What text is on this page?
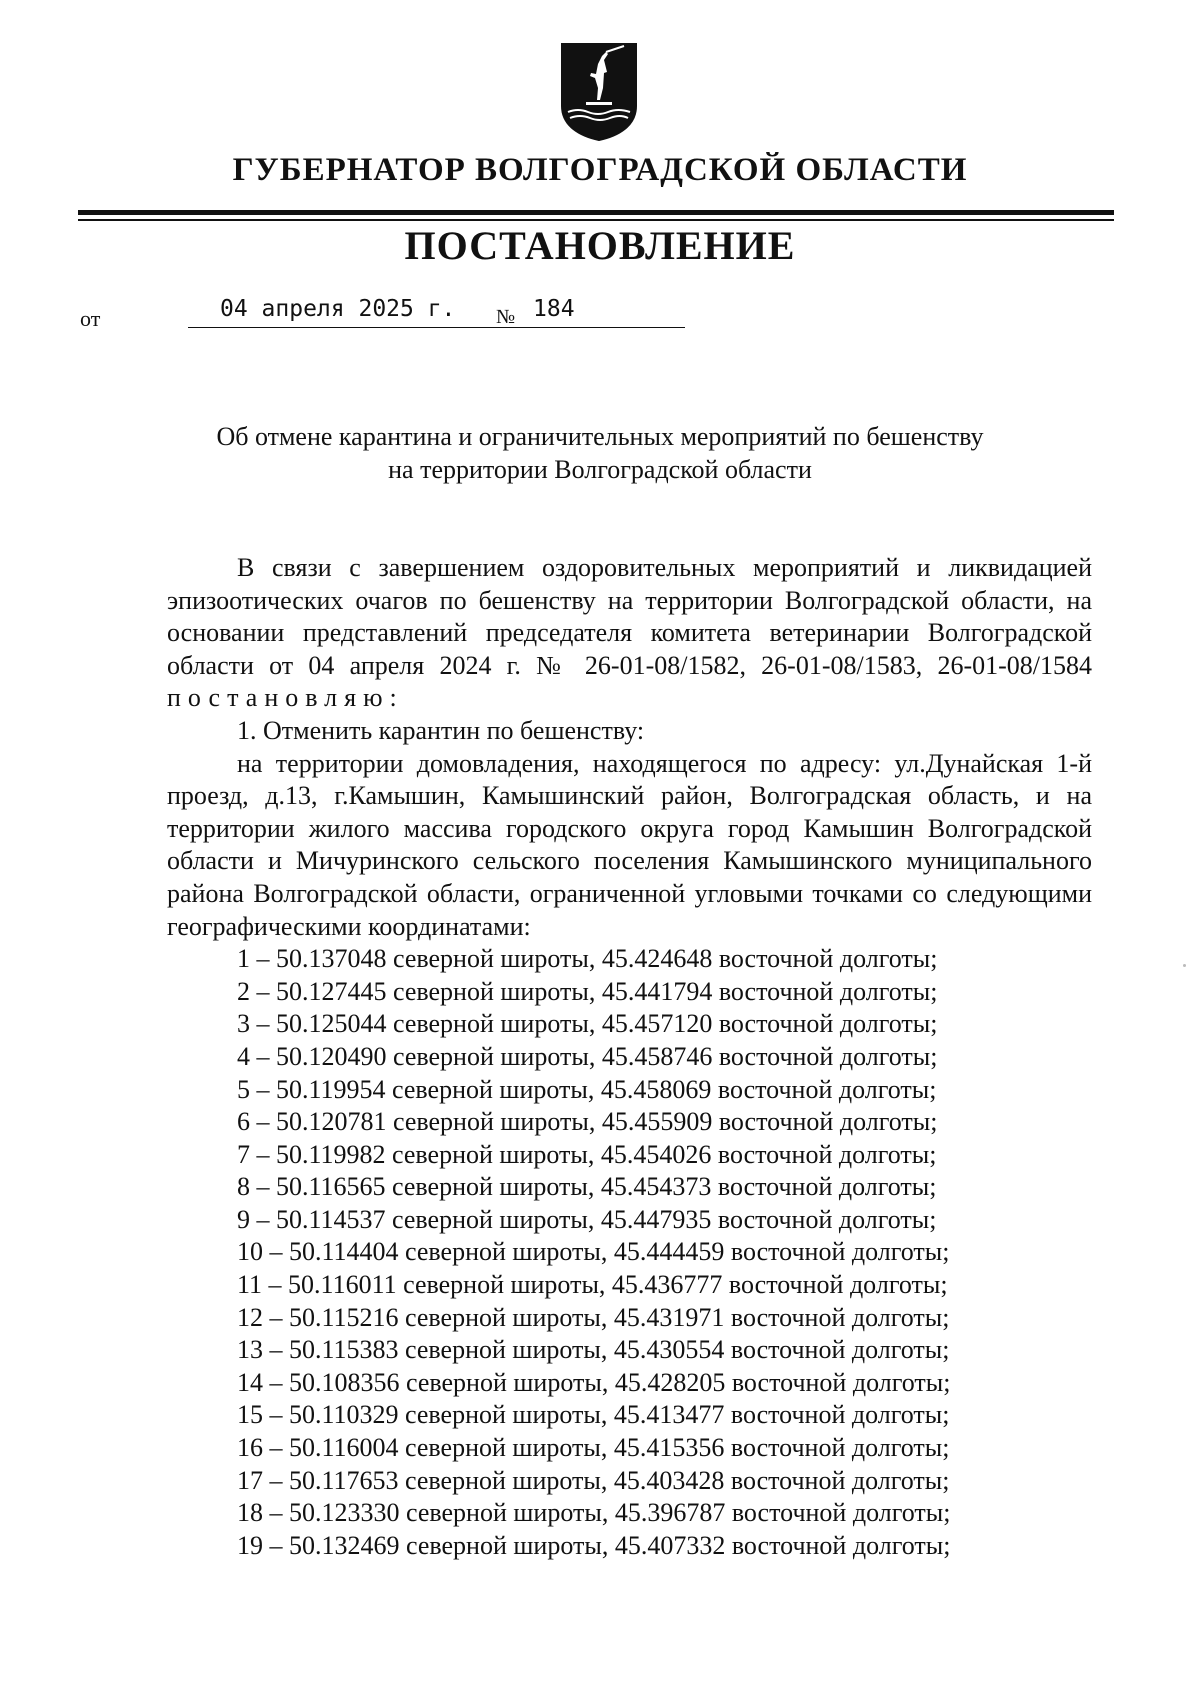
ГУБЕРНАТОР ВОЛГОГРАДСКОЙ ОБЛАСТИ
ПОСТАНОВЛЕНИЕ
от	04 апреля 2025 г.	№ 184
Об отмене карантина и ограничительных мероприятий по бешенству
на территории Волгоградской области

В связи с завершением оздоровительных мероприятий и ликвидацией эпизоотических очагов по бешенству на территории Волгоградской области, на основании представлений председателя комитета ветеринарии Волгоградской области от 04 апреля 2024 г. № 26-01-08/1582, 26-01-08/1583, 26-01-08/1584 постановляю:

1. Отменить карантин по бешенству:

на территории домовладения, находящегося по адресу: ул.Дунайская 1-й проезд, д.13, г.Камышин, Камышинский район, Волгоградская область, и на территории жилого массива городского округа город Камышин Волгоградской области и Мичуринского сельского поселения Камышинского муниципального района Волгоградской области, ограниченной угловыми точками со следующими географическими координатами:

1 – 50.137048 северной широты, 45.424648 восточной долготы;
2 – 50.127445 северной широты, 45.441794 восточной долготы;
3 – 50.125044 северной широты, 45.457120 восточной долготы;
4 – 50.120490 северной широты, 45.458746 восточной долготы;
5 – 50.119954 северной широты, 45.458069 восточной долготы;
6 – 50.120781 северной широты, 45.455909 восточной долготы;
7 – 50.119982 северной широты, 45.454026 восточной долготы;
8 – 50.116565 северной широты, 45.454373 восточной долготы;
9 – 50.114537 северной широты, 45.447935 восточной долготы;
10 – 50.114404 северной широты, 45.444459 восточной долготы;
11 – 50.116011 северной широты, 45.436777 восточной долготы;
12 – 50.115216 северной широты, 45.431971 восточной долготы;
13 – 50.115383 северной широты, 45.430554 восточной долготы;
14 – 50.108356 северной широты, 45.428205 восточной долготы;
15 – 50.110329 северной широты, 45.413477 восточной долготы;
16 – 50.116004 северной широты, 45.415356 восточной долготы;
17 – 50.117653 северной широты, 45.403428 восточной долготы;
18 – 50.123330 северной широты, 45.396787 восточной долготы;
19 – 50.132469 северной широты, 45.407332 восточной долготы;
